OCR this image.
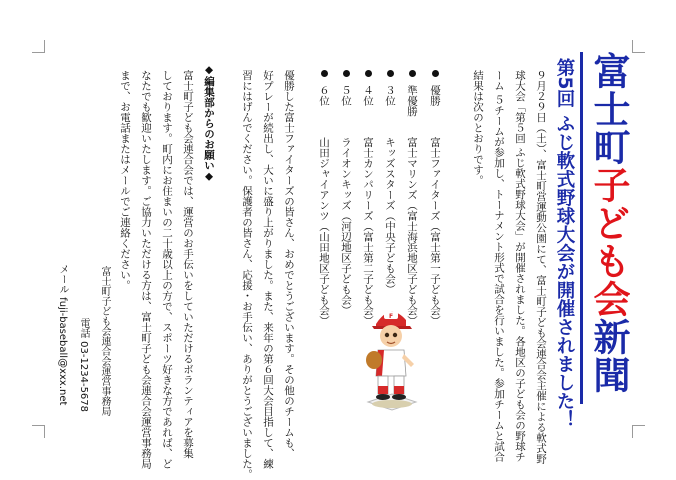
富士町子ども会新聞
第5回 ふじ軟式野球大会が開催されました！
９月２９日（土）、富士町営運動公園にて、富士町子ども会連合会主催による軟式野
球大会「第５回 ふじ軟式野球大会」が開催されました。各地区の子ども会の野球チ
ーム ５チームが参加し、トーナメント形式で試合を行いました。参加チームと試合
結果は次のとおりです。
優勝富士ファイターズ（富士第一子ども会）
準優勝富士マリンズ（富士海浜地区子ども会）
３位キッズスターズ（中央子ども会）
４位富士カンパリーズ（富士第二子ども会）
５位ライオンキッズ（河辺地区子ども会）
６位山田ジャイアンツ（山田地区子ども会）
優勝した富士ファイターズの皆さん、おめでとうございます。その他のチームも、
好プレーが続出し、大いに盛り上がりました。また、来年の第６回大会目指して、練
習にはげんでください。保護者の皆さん、応援・お手伝い、ありがとうございました。	F
◆編集部からのお願い◆
富士町子ども会連合会では、運営のお手伝いをしていただけるボランティアを募集
しております。町内にお住まいの二十歳以上の方で、スポーツ好きな方であれば、ど
なたでも歓迎いたします。ご協力いただける方は、富士町子ども会連合会運営事務局
まで、お電話またはメールでご連絡ください。
富士町子ども会連合会運営事務局
電話 03-1234-5678
メール fuji-baseball@xxx.net
